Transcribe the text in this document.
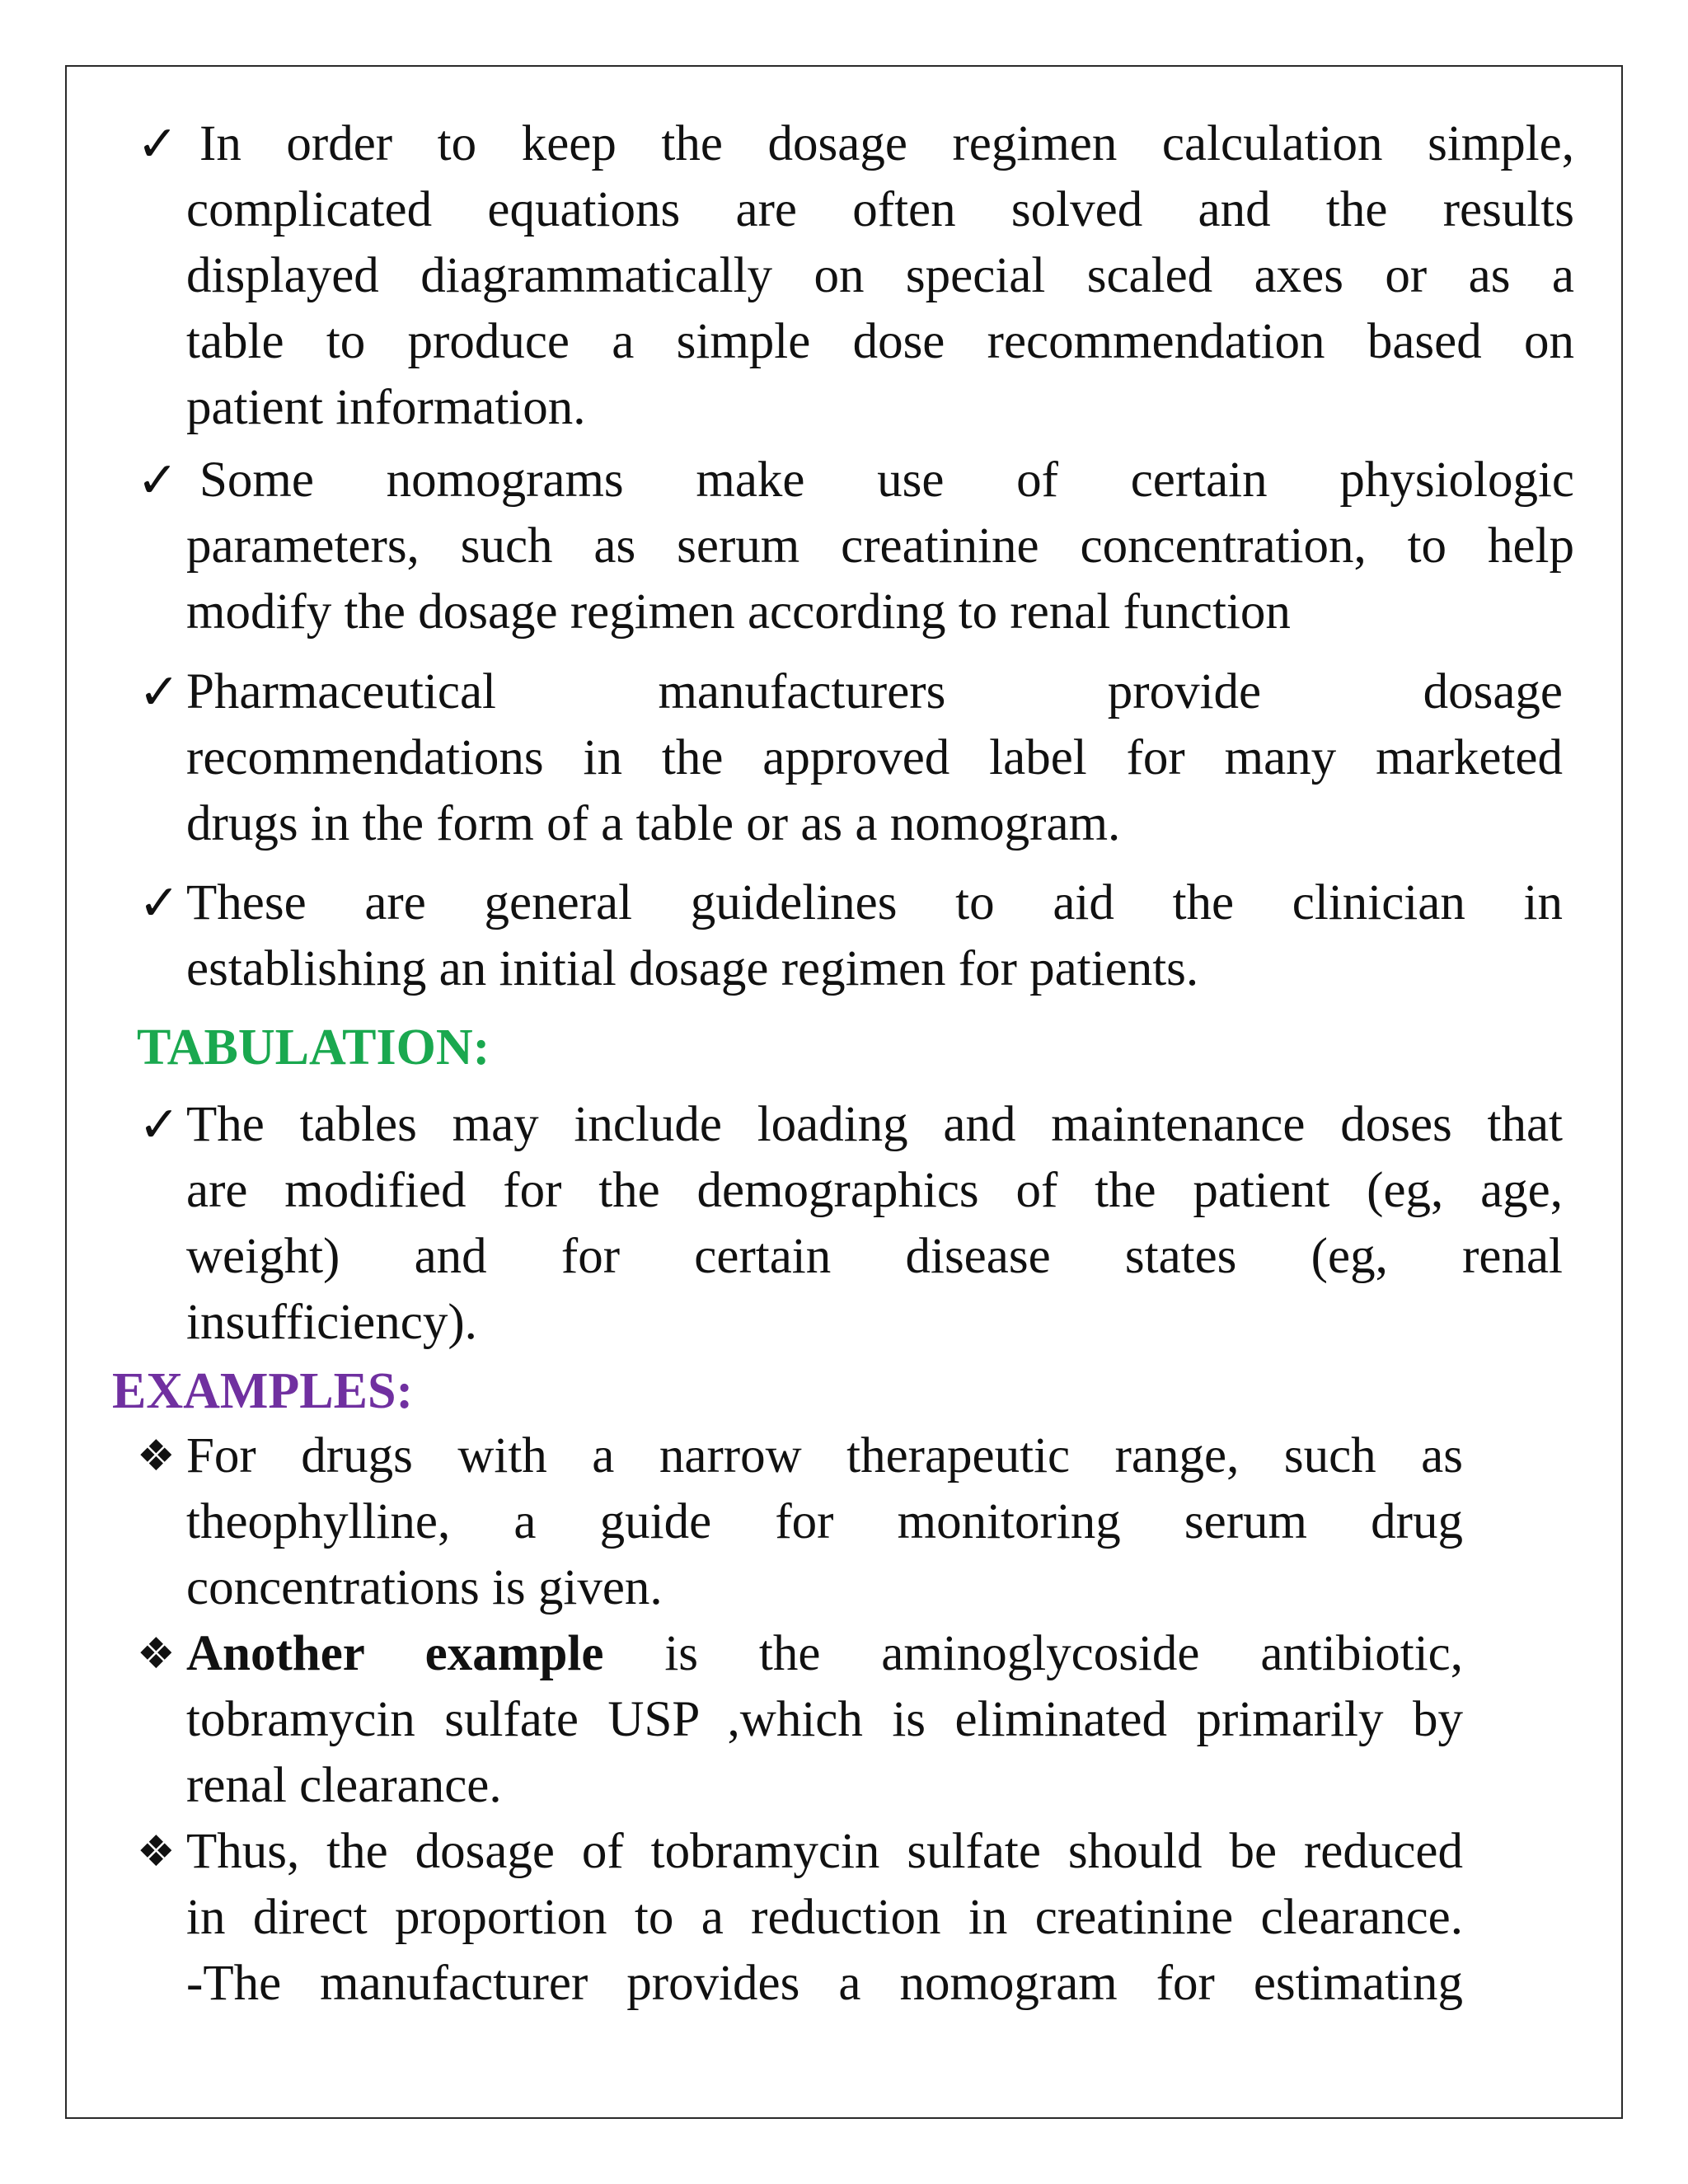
✓ In order to keep the dosage regimen calculation simple,
complicated equations are often solved and the results
displayed diagrammatically on special scaled axes or as a
table to produce a simple dose recommendation based on
patient information.
✓ Some nomograms make use of certain physiologic
parameters, such as serum creatinine concentration, to help
modify the dosage regimen according to renal function
✓ Pharmaceutical manufacturers provide dosage
recommendations in the approved label for many marketed
drugs in the form of a table or as a nomogram.
✓ These are general guidelines to aid the clinician in
establishing an initial dosage regimen for patients.
TABULATION:
✓ The tables may include loading and maintenance doses that
are modified for the demographics of the patient (eg, age,
weight) and for certain disease states (eg, renal
insufficiency).
EXAMPLES:
❖ For drugs with a narrow therapeutic range, such as
theophylline, a guide for monitoring serum drug
concentrations is given.
❖ Another example is the aminoglycoside antibiotic,
tobramycin sulfate USP ,which is eliminated primarily by
renal clearance.
❖ Thus, the dosage of tobramycin sulfate should be reduced
in direct proportion to a reduction in creatinine clearance.
-The manufacturer provides a nomogram for estimating
